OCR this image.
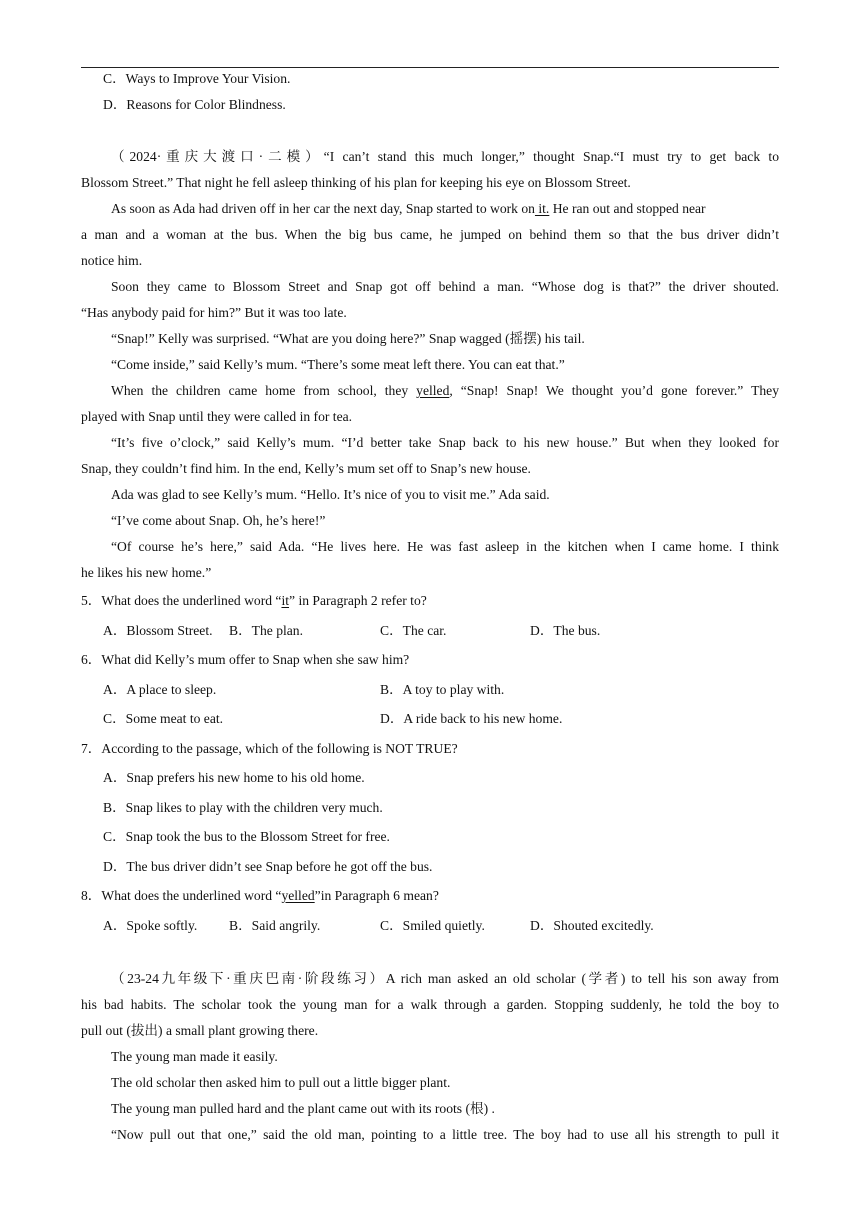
C．Ways to Improve Your Vision.
D．Reasons for Color Blindness.
（2024·重庆大渡口·二模）“I can’t stand this much longer,” thought Snap.“I must try to get back to
Blossom Street.” That night he fell asleep thinking of his plan for keeping his eye on Blossom Street.
As soon as Ada had driven off in her car the next day, Snap started to work on it. He ran out and stopped near
a man and a woman at the bus. When the big bus came, he jumped on behind them so that the bus driver didn’t
notice him.
Soon they came to Blossom Street and Snap got off behind a man. “Whose dog is that?” the driver shouted.
“Has anybody paid for him?” But it was too late.
“Snap!” Kelly was surprised. “What are you doing here?” Snap wagged (摇摆) his tail.
“Come inside,” said Kelly’s mum. “There’s some meat left there. You can eat that.”
When the children came home from school, they yelled, “Snap! Snap! We thought you’d gone forever.” They
played with Snap until they were called in for tea.
“It’s five o’clock,” said Kelly’s mum. “I’d better take Snap back to his new house.” But when they looked for
Snap, they couldn’t find him. In the end, Kelly’s mum set off to Snap’s new house.
Ada was glad to see Kelly’s mum. “Hello. It’s nice of you to visit me.” Ada said.
“I’ve come about Snap. Oh, he’s here!”
“Of course he’s here,” said Ada. “He lives here. He was fast asleep in the kitchen when I came home. I think
he likes his new home.”
5．What does the underlined word “it” in Paragraph 2 refer to?
A．Blossom Street. B．The plan.	C．The car.	D．The bus.
6．What did Kelly’s mum offer to Snap when she saw him?
A．A place to sleep.	B．A toy to play with.
C．Some meat to eat.	D．A ride back to his new home.
7．According to the passage, which of the following is NOT TRUE?
A．Snap prefers his new home to his old home.
B．Snap likes to play with the children very much.
C．Snap took the bus to the Blossom Street for free.
D．The bus driver didn’t see Snap before he got off the bus.
8．What does the underlined word “yelled”in Paragraph 6 mean?
A．Spoke softly. B．Said angrily.	C．Smiled quietly.	D．Shouted excitedly.
（23-24九年级下·重庆巴南·阶段练习）A rich man asked an old scholar (学者) to tell his son away from
his bad habits. The scholar took the young man for a walk through a garden. Stopping suddenly, he told the boy to
pull out (拔出) a small plant growing there.
The young man made it easily.
The old scholar then asked him to pull out a little bigger plant.
The young man pulled hard and the plant came out with its roots (根) .
“Now pull out that one,” said the old man, pointing to a little tree. The boy had to use all his strength to pull it
